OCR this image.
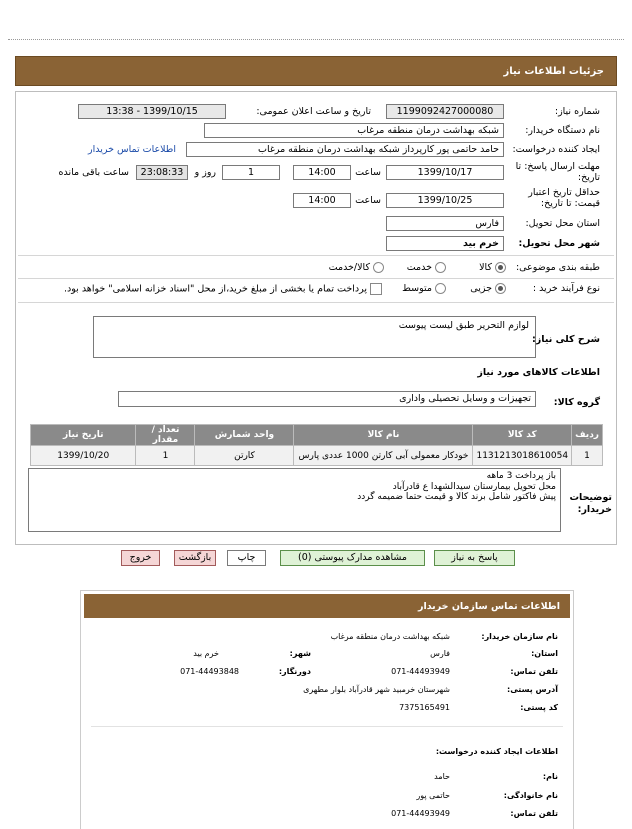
جزئیات اطلاعات نیاز
شماره نیاز:
1199092427000080
تاریخ و ساعت اعلان عمومی:
1399/10/15 - 13:38
نام دستگاه خریدار:
شبکه بهداشت درمان منطقه مرغاب
ایجاد کننده درخواست:
حامد حاتمی پور کارپرداز شبکه بهداشت درمان منطقه مرغاب
اطلاعات تماس خریدار
مهلت ارسال پاسخ: تا تاریخ:
1399/10/17
ساعت
14:00
1
روز و
23:08:33
ساعت باقی مانده
حداقل تاریخ اعتبار قیمت: تا تاریخ:
1399/10/25
ساعت
14:00
استان محل تحویل:
فارس
شهر محل تحویل:
خرم بید
طبقه بندی موضوعی:
کالا
خدمت
کالا/خدمت
نوع فرآیند خرید :
جزیی
متوسط
پرداخت تمام یا بخشی از مبلغ خرید،از محل "اسناد خزانه اسلامی" خواهد بود.
شرح کلی نیاز:
لوازم التحریر طبق لیست پیوست
اطلاعات کالاهای مورد نیاز
گروه کالا:
تجهیزات و وسایل تحصیلی واداری
توضیحات خریدار:
باز پرداخت 3 ماهه
محل تحویل بیمارستان سیدالشهدا ع قادرآباد
پیش فاکتور شامل برند کالا و قیمت حتما ضمیمه گردد
ردیف	کد کالا	نام کالا	واحد شمارش	تعداد / مقدار	تاریخ نیاز
1	1131213018610054	خودکار معمولی آبی کارتن 1000 عددی پارس	کارتن	1	1399/10/20
پاسخ به نیاز
مشاهده مدارک پیوستی (0)
چاپ
بازگشت
خروج
اطلاعات تماس سازمان خریدار
نام سازمان خریدار:
شبکه بهداشت درمان منطقه مرغاب
استان:
فارس
شهر:
خرم بید
تلفن تماس:
071-44493949
دورنگار:
071-44493848
آدرس پستی:
شهرستان خرمبید شهر قادرآباد بلوار مطهری
کد پستی:
7375165491
اطلاعات ایجاد کننده درخواست:
نام:
حامد
نام خانوادگی:
حاتمی پور
تلفن تماس:
071-44493949
